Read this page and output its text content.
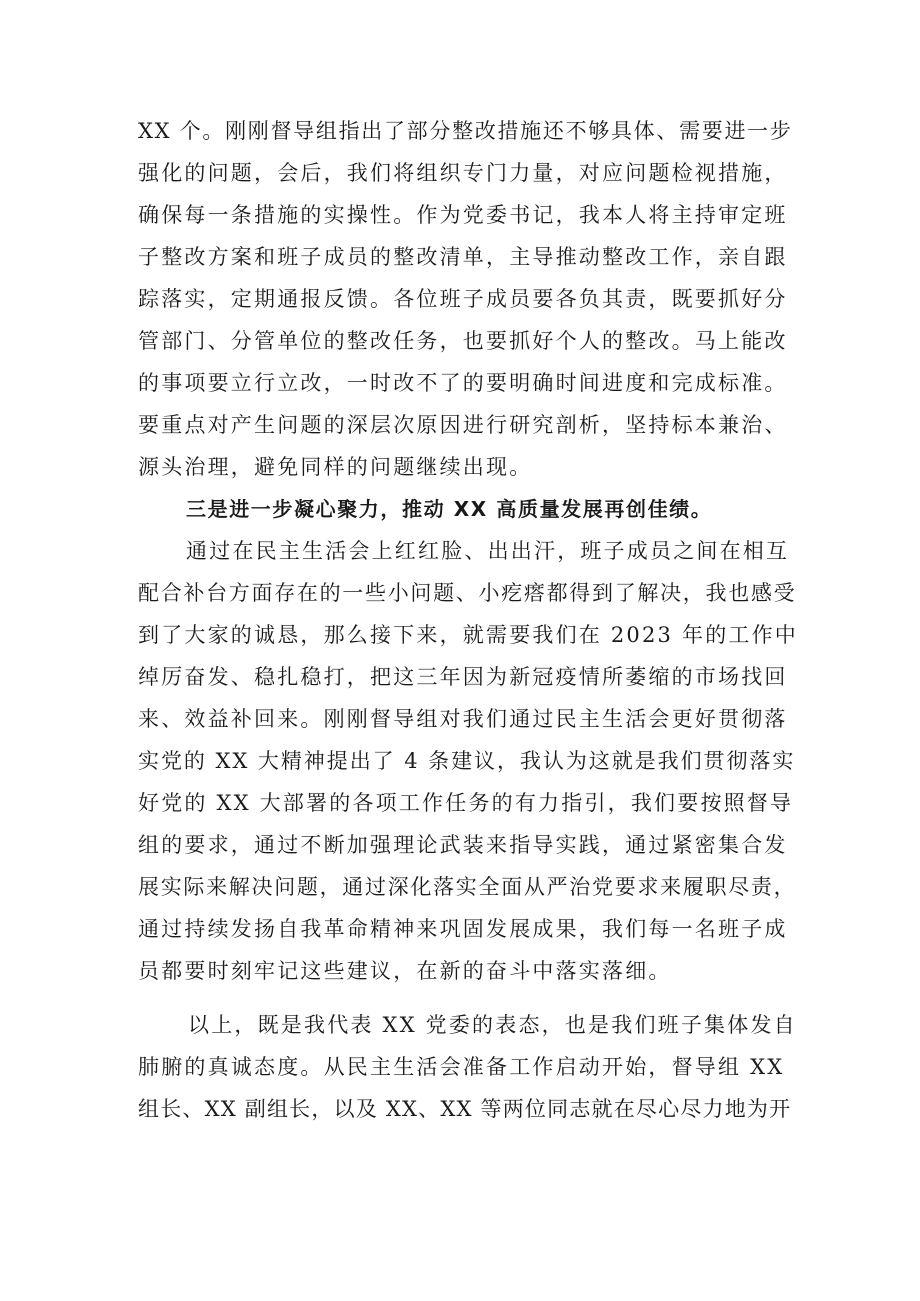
XX 个。刚刚督导组指出了部分整改措施还不够具体、需要进一步
强化的问题，会后，我们将组织专门力量，对应问题检视措施，
确保每一条措施的实操性。作为党委书记，我本人将主持审定班
子整改方案和班子成员的整改清单，主导推动整改工作，亲自跟
踪落实，定期通报反馈。各位班子成员要各负其责，既要抓好分
管部门、分管单位的整改任务，也要抓好个人的整改。马上能改
的事项要立行立改，一时改不了的要明确时间进度和完成标准。
要重点对产生问题的深层次原因进行研究剖析，坚持标本兼治、
源头治理，避免同样的问题继续出现。
三是进一步凝心聚力，推动 XX 高质量发展再创佳绩。
通过在民主生活会上红红脸、出出汗，班子成员之间在相互
配合补台方面存在的一些小问题、小疙瘩都得到了解决，我也感受
到了大家的诚恳，那么接下来，就需要我们在 2023 年的工作中
绰厉奋发、稳扎稳打，把这三年因为新冠疫情所萎缩的市场找回
来、效益补回来。刚刚督导组对我们通过民主生活会更好贯彻落
实党的 XX 大精神提出了 4 条建议，我认为这就是我们贯彻落实
好党的 XX 大部署的各项工作任务的有力指引，我们要按照督导
组的要求，通过不断加强理论武装来指导实践，通过紧密集合发
展实际来解决问题，通过深化落实全面从严治党要求来履职尽责，
通过持续发扬自我革命精神来巩固发展成果，我们每一名班子成
员都要时刻牢记这些建议，在新的奋斗中落实落细。
以上，既是我代表 XX 党委的表态，也是我们班子集体发自
肺腑的真诚态度。从民主生活会准备工作启动开始，督导组 XX
组长、XX 副组长，以及 XX、XX 等两位同志就在尽心尽力地为开
